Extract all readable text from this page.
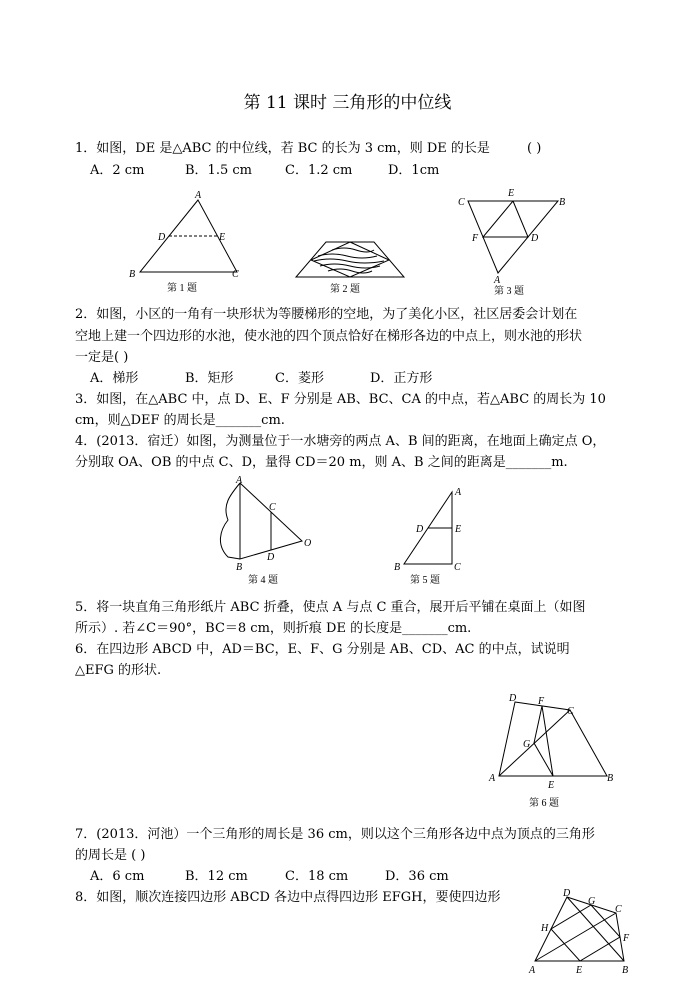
第 11 课时 三角形的中位线
1．如图，DE 是△ABC 的中位线，若 BC 的长为 3 cm，则 DE 的长是	( )
A．2 cm	B．1.5 cm	C．1.2 cm	D．1cm
A
D	E
B	C
第 1 题	第 2 题
C
E
B
F	D
A
第 3 题
2．如图，小区的一角有一块形状为等腰梯形的空地，为了美化小区，社区居委会计划在
空地上建一个四边形的水池，使水池的四个顶点恰好在梯形各边的中点上，则水池的形状
一定是( )
A．梯形	B．矩形	C．菱形	D．正方形
3．如图，在△ABC 中，点 D、E、F 分别是 AB、BC、CA 的中点，若△ABC 的周长为 10
cm，则△DEF 的周长是_______cm.
4．(2013．宿迁）如图，为测量位于一水塘旁的两点 A、B 间的距离，在地面上确定点 O，
分别取 OA、OB 的中点 C、D，量得 CD＝20 m，则 A、B 之间的距离是_______m.
A
C
B
D
O
第 4 题
A
D	E
B	C
第 5 题
5．将一块直角三角形纸片 ABC 折叠，使点 A 与点 C 重合，展开后平铺在桌面上（如图
所示）. 若∠C＝90°，BC＝8 cm，则折痕 DE 的长度是_______cm.
6．在四边形 ABCD 中，AD＝BC，E、F、G 分别是 AB、CD、AC 的中点，试说明
△EFG 的形状.
D F
C
G
A
E
B
第 6 题
7．(2013．河池）一个三角形的周长是 36 cm，则以这个三角形各边中点为顶点的三角形
的周长是 ( )
A．6 cm	B．12 cm	C．18 cm	D．36 cm
8．如图，顺次连接四边形 ABCD 各边中点得四边形 EFGH，要使四边形	D
G
C
H
F
A	E	B
